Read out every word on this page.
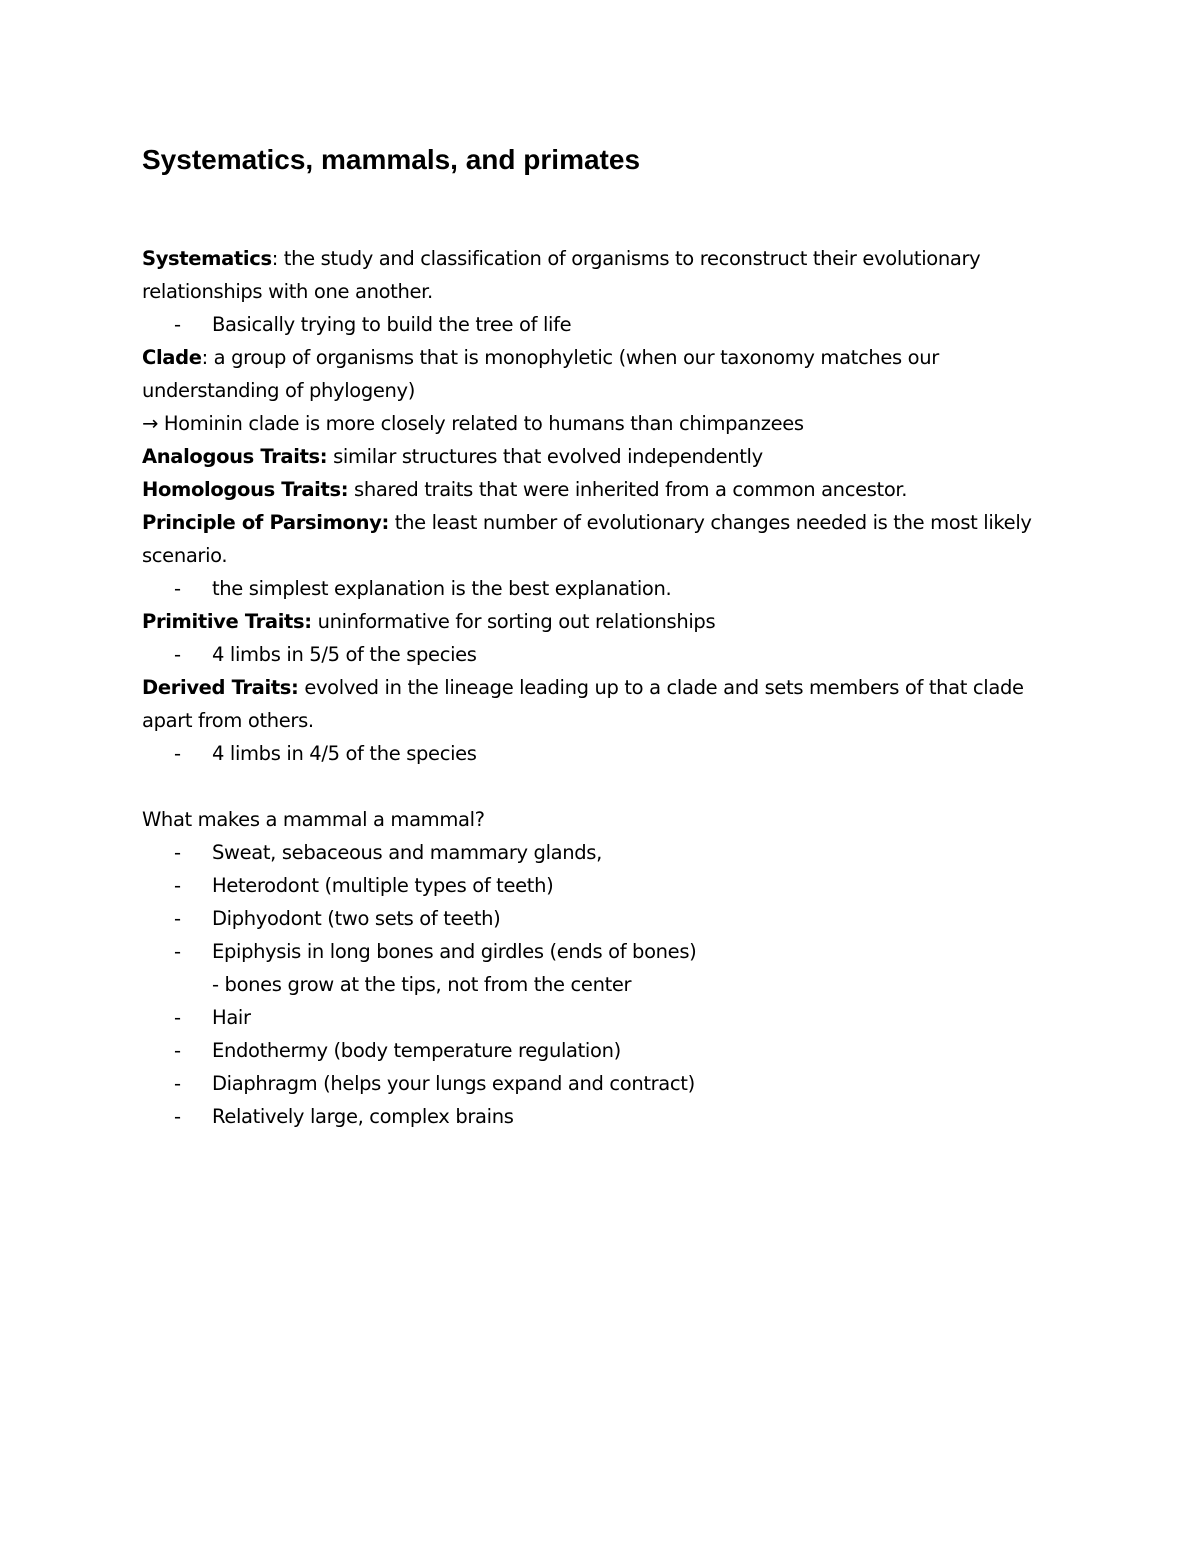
Systematics, mammals, and primates

Systematics: the study and classification of organisms to reconstruct their evolutionary

relationships with one another.

- Basically trying to build the tree of life

Clade: a group of organisms that is monophyletic (when our taxonomy matches our

understanding of phylogeny)

→ Hominin clade is more closely related to humans than chimpanzees

Analogous Traits: similar structures that evolved independently

Homologous Traits: shared traits that were inherited from a common ancestor.

Principle of Parsimony: the least number of evolutionary changes needed is the most likely

scenario.

- the simplest explanation is the best explanation.

Primitive Traits: uninformative for sorting out relationships

- 4 limbs in 5/5 of the species

Derived Traits: evolved in the lineage leading up to a clade and sets members of that clade

apart from others.

- 4 limbs in 4/5 of the species

What makes a mammal a mammal?

- Sweat, sebaceous and mammary glands,

- Heterodont (multiple types of teeth)

- Diphyodont (two sets of teeth)

- Epiphysis in long bones and girdles (ends of bones)

- bones grow at the tips, not from the center

- Hair

- Endothermy (body temperature regulation)

- Diaphragm (helps your lungs expand and contract)

- Relatively large, complex brains
